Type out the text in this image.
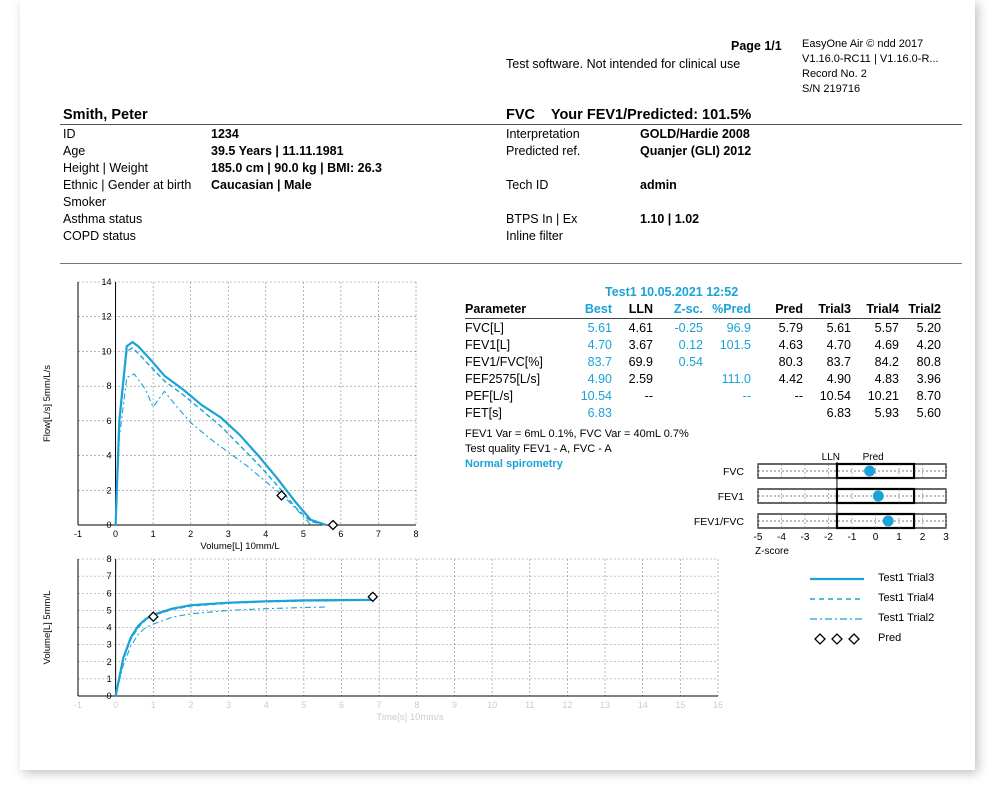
Page 1/1
Test software. Not intended for clinical use
EasyOne Air © ndd 2017
V1.16.0-RC11 | V1.16.0-R...
Record No. 2
S/N 219716
Smith, Peter	FVC    Your FEV1/Predicted: 101.5%
ID	1234
Age	39.5 Years | 11.11.1981
Height | Weight	185.0 cm | 90.0 kg | BMI: 26.3
Ethnic | Gender at birth Caucasian | Male
Smoker
Asthma status
COPD status
Interpretation	GOLD/Hardie 2008
Predicted ref.	Quanjer (GLI) 2012
Tech ID	admin
BTPS In | Ex	1.10 | 1.02
Inline filter
Test1 10.05.2021 12:52
Parameter	Best	LLN	Z-sc.	%Pred	Pred	Trial3	Trial4	Trial2
FVC[L]	5.61	4.61	-0.25	96.9	5.79	5.61	5.57	5.20
FEV1[L]	4.70	3.67	0.12	101.5	4.63	4.70	4.69	4.20
FEV1/FVC[%]	83.7	69.9	0.54		80.3	83.7	84.2	80.8
FEF2575[L/s]	4.90	2.59		111.0	4.42	4.90	4.83	3.96
PEF[L/s]	10.54	--		--	--	10.54	10.21	8.70
FET[s]	6.83					6.83	5.93	5.60
FEV1 Var = 6mL 0.1%, FVC Var = 40mL 0.7%
Test quality FEV1 - A, FVC - A
Normal spirometry
LLN Pred
FVC
FEV1
FEV1/FVC
-5 -4 -3 -2 -1 0 1 2 3
Z-score
-1	0	1	2	3	4	5	6	7	8
0
2
4
6
8
10
12
14
Volume[L] 10mm/L
Flow[L/s] 5mm/L/s
-1	0	1	2	3	4	5	6	7	8	9	10	11	12	13	14	15	16
0
1
2
3
4
5
6
7
8
Time[s] 10mm/s
Volume[L] 5mm/L
Test1 Trial3
Test1 Trial4
Test1 Trial2
Pred
